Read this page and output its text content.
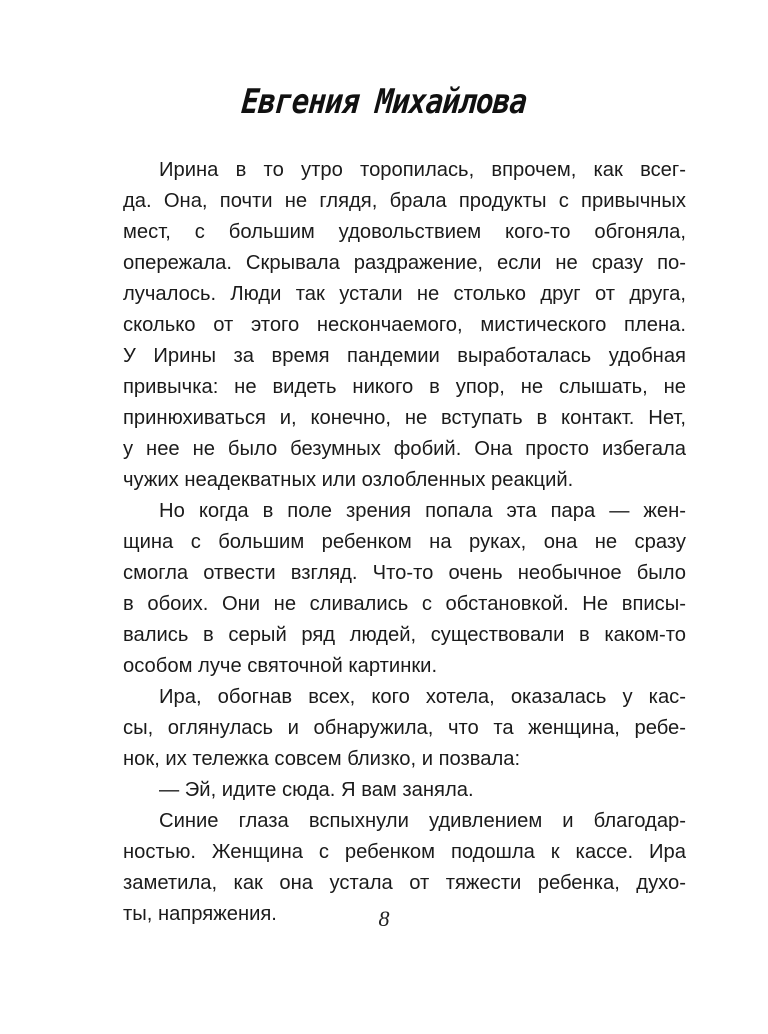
Евгения Михайлова
Ирина в то утро торопилась, впрочем, как всег-
да. Она, почти не глядя, брала продукты с привычных
мест, с большим удовольствием кого-то обгоняла,
опережала. Скрывала раздражение, если не сразу по-
лучалось. Люди так устали не столько друг от друга,
сколько от этого нескончаемого, мистического плена.
У Ирины за время пандемии выработалась удобная
привычка: не видеть никого в упор, не слышать, не
принюхиваться и, конечно, не вступать в контакт. Нет,
у нее не было безумных фобий. Она просто избегала
чужих неадекватных или озлобленных реакций.
Но когда в поле зрения попала эта пара — жен-
щина с большим ребенком на руках, она не сразу
смогла отвести взгляд. Что-то очень необычное было
в обоих. Они не сливались с обстановкой. Не вписы-
вались в серый ряд людей, существовали в каком-то
особом луче святочной картинки.
Ира, обогнав всех, кого хотела, оказалась у кас-
сы, оглянулась и обнаружила, что та женщина, ребе-
нок, их тележка совсем близко, и позвала:
— Эй, идите сюда. Я вам заняла.
Синие глаза вспыхнули удивлением и благодар-
ностью. Женщина с ребенком подошла к кассе. Ира
заметила, как она устала от тяжести ребенка, духо-
ты, напряжения.	8
